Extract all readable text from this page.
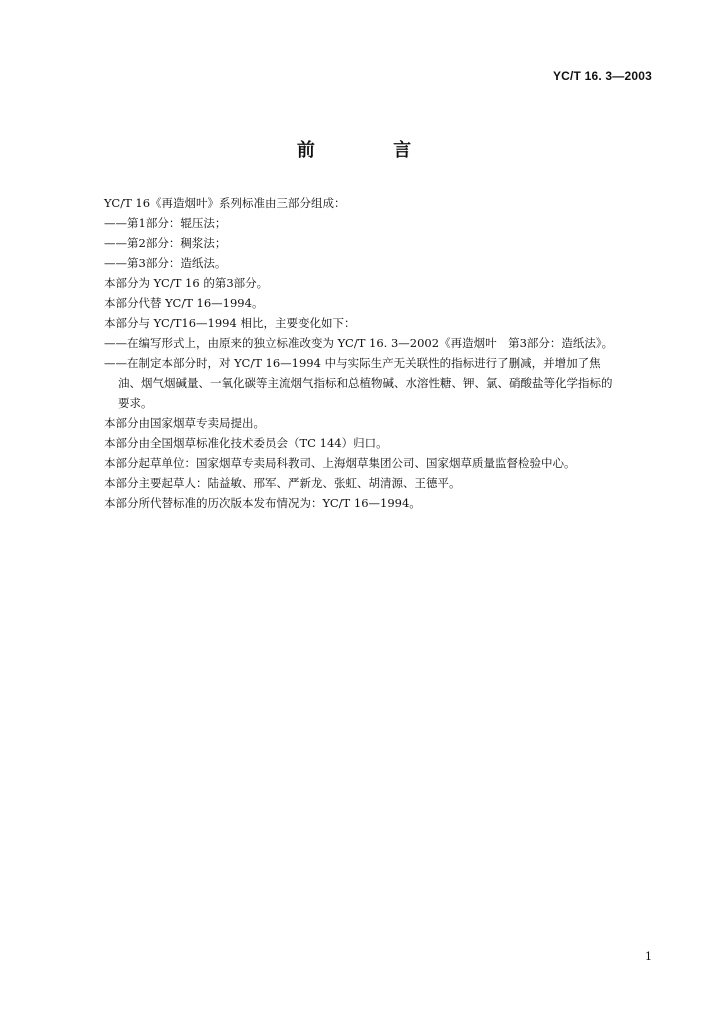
YC/T 16. 3—2003
前 言
YC/T 16《再造烟叶》系列标准由三部分组成：
——第1部分：辊压法；
——第2部分：稠浆法；
——第3部分：造纸法。
本部分为 YC/T 16 的第3部分。
本部分代替 YC/T 16—1994。
本部分与 YC/T16—1994 相比，主要变化如下：
——在编写形式上，由原来的独立标准改变为 YC/T 16. 3—2002《再造烟叶　第3部分：造纸法》。
——在制定本部分时，对 YC/T 16—1994 中与实际生产无关联性的指标进行了删减，并增加了焦
油、烟气烟碱量、一氧化碳等主流烟气指标和总植物碱、水溶性糖、钾、氯、硝酸盐等化学指标的
要求。
本部分由国家烟草专卖局提出。
本部分由全国烟草标准化技术委员会（TC 144）归口。
本部分起草单位：国家烟草专卖局科教司、上海烟草集团公司、国家烟草质量监督检验中心。
本部分主要起草人：陆益敏、邢军、严新龙、张虹、胡清源、王德平。
本部分所代替标准的历次版本发布情况为：YC/T 16—1994。
1
